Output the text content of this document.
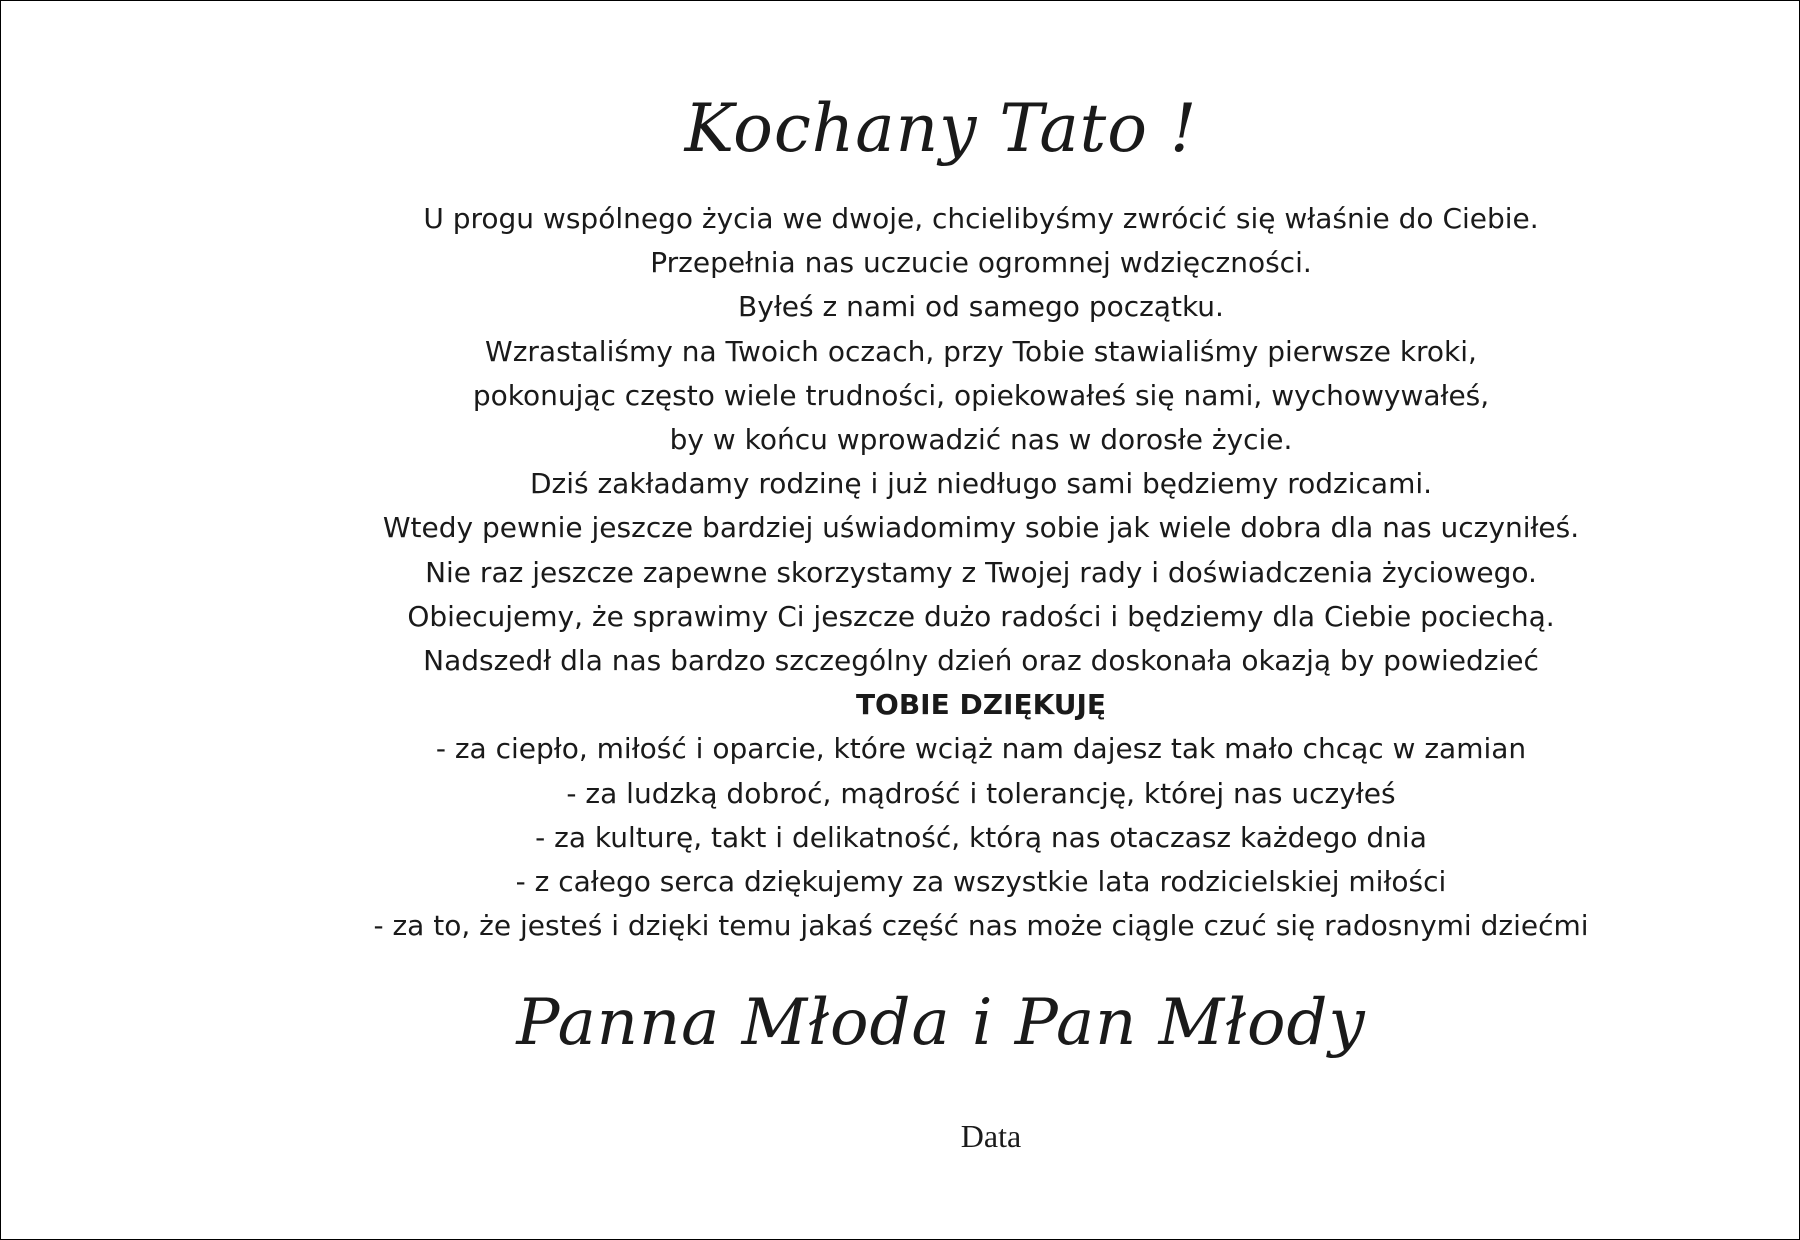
Kochany Tato !
U progu wspólnego życia we dwoje, chcielibyśmy zwrócić się właśnie do Ciebie.
Przepełnia nas uczucie ogromnej wdzięczności.
Byłeś z nami od samego początku.
Wzrastaliśmy na Twoich oczach, przy Tobie stawialiśmy pierwsze kroki,
pokonując często wiele trudności, opiekowałeś się nami, wychowywałeś,
by w końcu wprowadzić nas w dorosłe życie.
Dziś zakładamy rodzinę i już niedługo sami będziemy rodzicami.
Wtedy pewnie jeszcze bardziej uświadomimy sobie jak wiele dobra dla nas uczyniłeś.
Nie raz jeszcze zapewne skorzystamy z Twojej rady i doświadczenia życiowego.
Obiecujemy, że sprawimy Ci jeszcze dużo radości i będziemy dla Ciebie pociechą.
Nadszedł dla nas bardzo szczególny dzień oraz doskonała okazją by powiedzieć
TOBIE DZIĘKUJĘ
- za ciepło, miłość i oparcie, które wciąż nam dajesz tak mało chcąc w zamian
- za ludzką dobroć, mądrość i tolerancję, której nas uczyłeś
- za kulturę, takt i delikatność, którą nas otaczasz każdego dnia
- z całego serca dziękujemy za wszystkie lata rodzicielskiej miłości
- za to, że jesteś i dzięki temu jakaś część nas może ciągle czuć się radosnymi dziećmi
Panna Młoda i Pan Młody
Data
